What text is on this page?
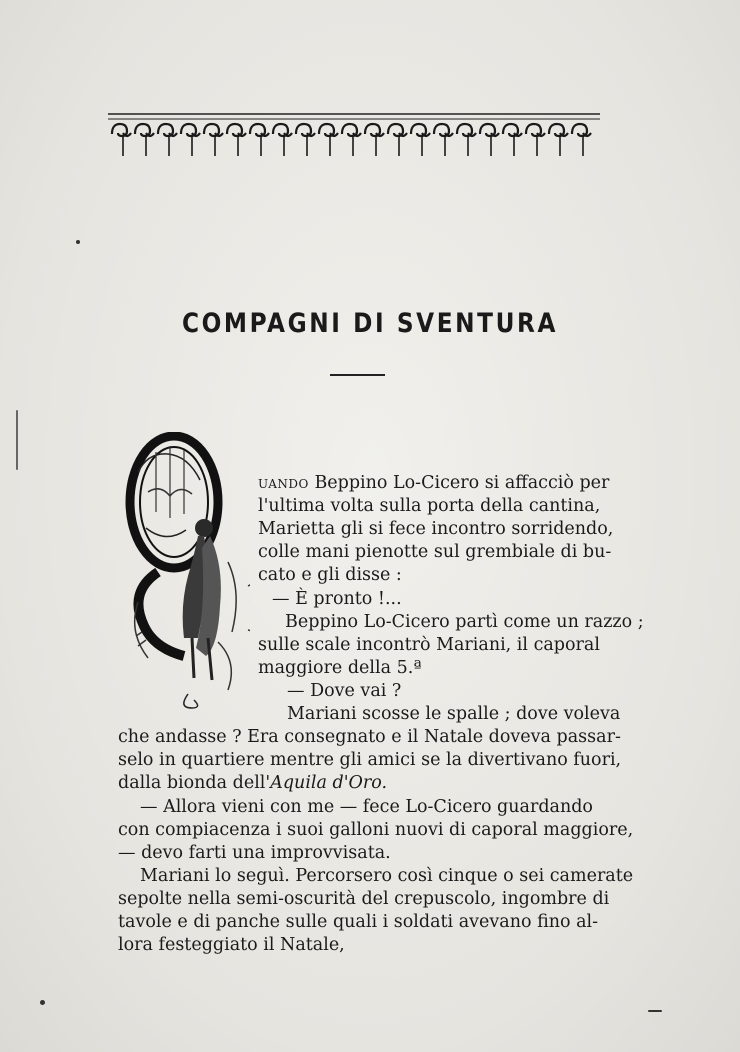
COMPAGNI DI SVENTURA
uando Beppino Lo-Cicero si affacciò per
l'ultima volta sulla porta della cantina,
Marietta gli si fece incontro sorridendo,
colle mani pienotte sul grembiale di bu-
cato e gli disse :
— È pronto !...
Beppino Lo-Cicero partì come un razzo ;
sulle scale incontrò Mariani, il caporal
maggiore della 5.ª
— Dove vai ?
Mariani scosse le spalle ; dove voleva
che andasse ? Era consegnato e il Natale doveva passar-
selo in quartiere mentre gli amici se la divertivano fuori,
dalla bionda dell'Aquila d'Oro.
— Allora vieni con me — fece Lo-Cicero guardando
con compiacenza i suoi galloni nuovi di caporal maggiore,
— devo farti una improvvisata.
Mariani lo seguì. Percorsero così cinque o sei camerate
sepolte nella semi-oscurità del crepuscolo, ingombre di
tavole e di panche sulle quali i soldati avevano fino al-
lora festeggiato il Natale,
